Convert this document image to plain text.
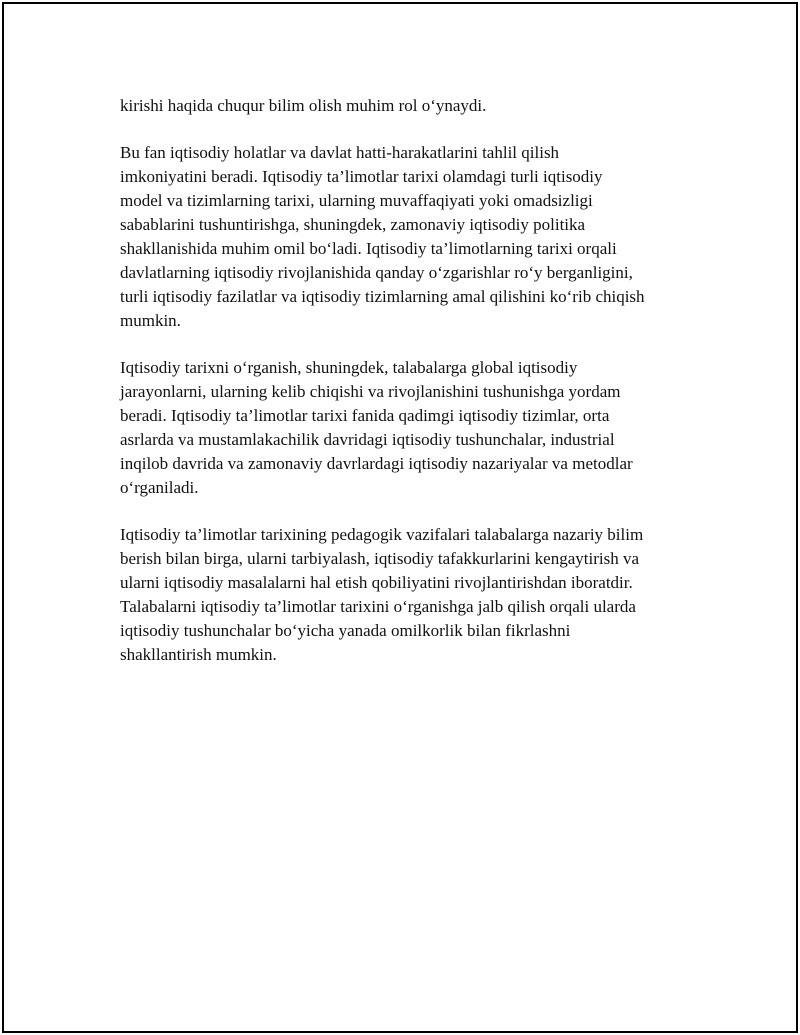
kirishi haqida chuqur bilim olish muhim rol o‘ynaydi.

Bu fan iqtisodiy holatlar va davlat hatti-harakatlarini tahlil qilish
imkoniyatini beradi. Iqtisodiy ta’limotlar tarixi olamdagi turli iqtisodiy
model va tizimlarning tarixi, ularning muvaffaqiyati yoki omadsizligi
sabablarini tushuntirishga, shuningdek, zamonaviy iqtisodiy politika
shakllanishida muhim omil bo‘ladi. Iqtisodiy ta’limotlarning tarixi orqali
davlatlarning iqtisodiy rivojlanishida qanday o‘zgarishlar ro‘y berganligini,
turli iqtisodiy fazilatlar va iqtisodiy tizimlarning amal qilishini ko‘rib chiqish
mumkin.

Iqtisodiy tarixni o‘rganish, shuningdek, talabalarga global iqtisodiy
jarayonlarni, ularning kelib chiqishi va rivojlanishini tushunishga yordam
beradi. Iqtisodiy ta’limotlar tarixi fanida qadimgi iqtisodiy tizimlar, orta
asrlarda va mustamlakachilik davridagi iqtisodiy tushunchalar, industrial
inqilob davrida va zamonaviy davrlardagi iqtisodiy nazariyalar va metodlar
o‘rganiladi.

Iqtisodiy ta’limotlar tarixining pedagogik vazifalari talabalarga nazariy bilim
berish bilan birga, ularni tarbiyalash, iqtisodiy tafakkurlarini kengaytirish va
ularni iqtisodiy masalalarni hal etish qobiliyatini rivojlantirishdan iboratdir.
Talabalarni iqtisodiy ta’limotlar tarixini o‘rganishga jalb qilish orqali ularda
iqtisodiy tushunchalar bo‘yicha yanada omilkorlik bilan fikrlashni
shakllantirish mumkin.
